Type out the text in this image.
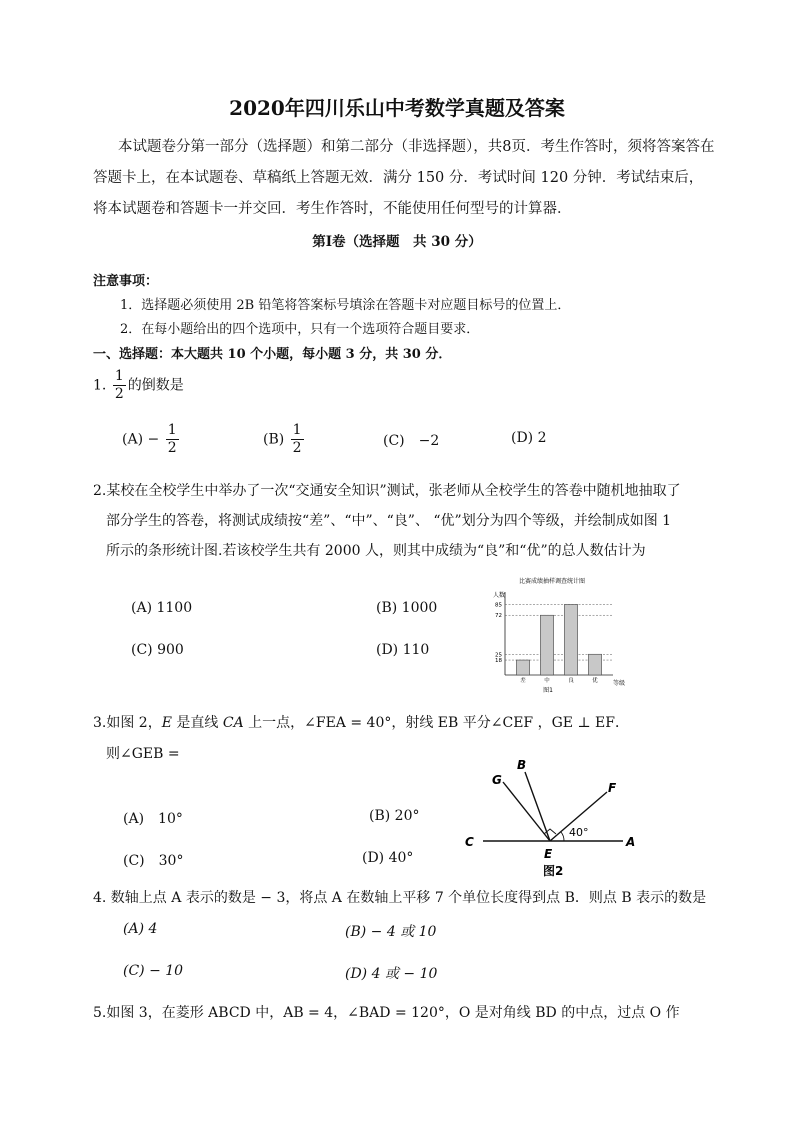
2020年四川乐山中考数学真题及答案
本试题卷分第一部分（选择题）和第二部分（非选择题），共8页．考生作答时，须将答案答在
答题卡上，在本试题卷、草稿纸上答题无效．满分 150 分．考试时间 120 分钟．考试结束后，
将本试题卷和答题卡一并交回．考生作答时，不能使用任何型号的计算器．
第Ⅰ卷（选择题　共 30 分）
注意事项：
1．选择题必须使用 2B 铅笔将答案标号填涂在答题卡对应题目标号的位置上．
2．在每小题给出的四个选项中，只有一个选项符合题目要求．
一、选择题：本大题共 10 个小题，每小题 3 分，共 30 分．
1. $\frac{1}{2}$ 的倒数是
$(A) - \frac{1}{2}$	$(B) \frac{1}{2}$	(C)　−2	(D) 2
2.某校在全校学生中举办了一次“交通安全知识”测试，张老师从全校学生的答卷中随机地抽取了
部分学生的答卷，将测试成绩按“差”、“中”、“良”、 “优”划分为四个等级，并绘制成如图 1
所示的条形统计图.若该校学生共有 2000 人，则其中成绩为“良”和“优”的总人数估计为
(A) 1100	(B) 1000
(C) 900	(D) 110
比赛成绩抽样调查统计图
人数
等级
图1
18
25
72
85
差	中	良	优
3.如图 2，E 是直线 CA 上一点，∠FEA = 40°，射线 EB 平分∠CEF ，GE ⊥ EF．
则∠GEB =
(A)　10°	(B) 20°
(C)　30°	(D) 40°
G
B
F
C	A
E
40°
图2
4. 数轴上点 A 表示的数是 − 3，将点 A 在数轴上平移 7 个单位长度得到点 B．则点 B 表示的数是
(A) 4	(B) − 4 或 10
(C) − 10	(D) 4 或 − 10
5.如图 3，在菱形 ABCD 中，AB = 4，∠BAD = 120°，O 是对角线 BD 的中点，过点 O 作
